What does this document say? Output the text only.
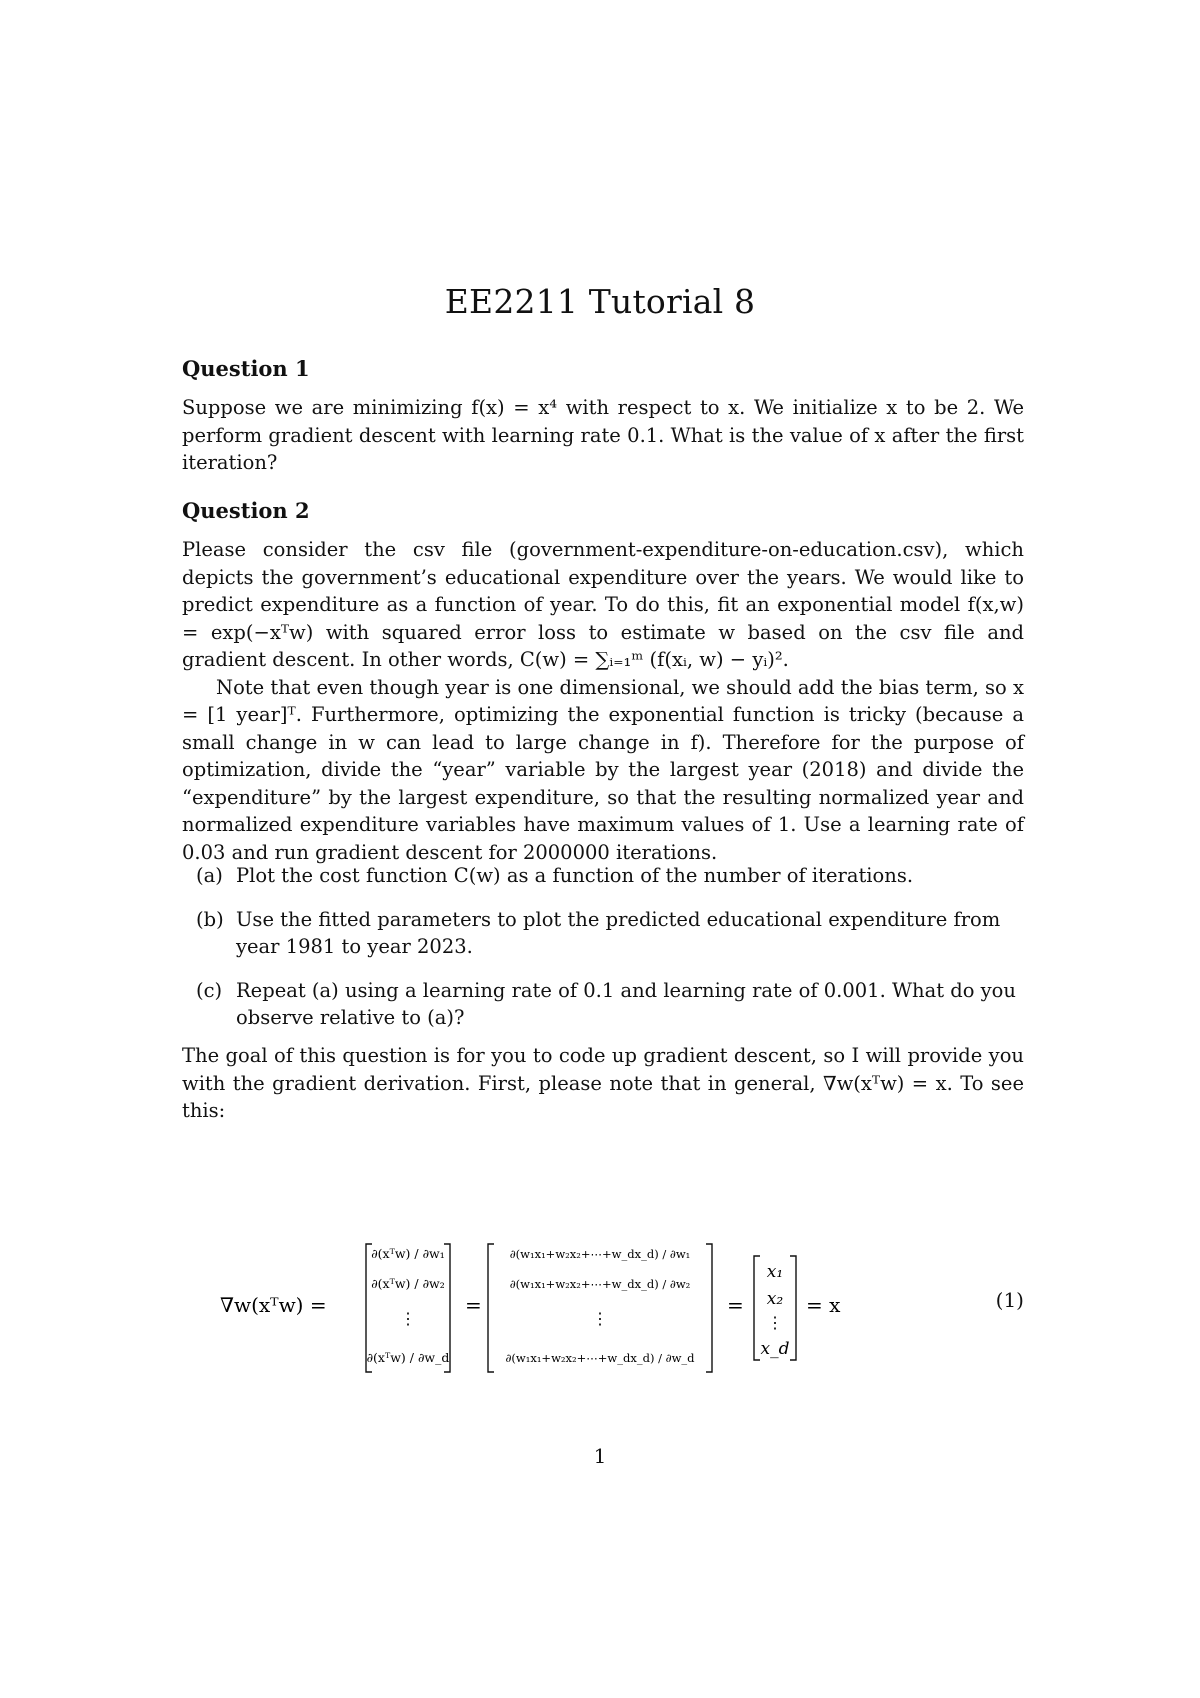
EE2211 Tutorial 8
Question 1
Suppose we are minimizing f(x) = x⁴ with respect to x. We initialize x to be 2. We perform gradient descent with learning rate 0.1. What is the value of x after the first iteration?
Question 2

Please consider the csv file (government-expenditure-on-education.csv), which depicts the government’s educational expenditure over the years. We would like to predict expenditure as a function of year. To do this, fit an exponential model f(x,w) = exp(−xᵀw) with squared error loss to estimate w based on the csv file and gradient descent. In other words, C(w) = ∑ᵢ₌₁ᵐ (f(xᵢ, w) − yᵢ)².

Note that even though year is one dimensional, we should add the bias term, so x = [1 year]ᵀ. Furthermore, optimizing the exponential function is tricky (because a small change in w can lead to large change in f). Therefore for the purpose of optimization, divide the “year” variable by the largest year (2018) and divide the “expenditure” by the largest expenditure, so that the resulting normalized year and normalized expenditure variables have maximum values of 1. Use a learning rate of 0.03 and run gradient descent for 2000000 iterations.

(a) Plot the cost function C(w) as a function of the number of iterations.
(b) Use the fitted parameters to plot the predicted educational expenditure from year 1981 to year 2023.
(c) Repeat (a) using a learning rate of 0.1 and learning rate of 0.001. What do you observe relative to (a)?
The goal of this question is for you to code up gradient descent, so I will provide you with the gradient derivation. First, please note that in general, ∇w(xᵀw) = x. To see this:
∇w(xᵀw) =
∂(xᵀw) / ∂w₁
∂(xᵀw) / ∂w₂
⋮
∂(xᵀw) / ∂w_d
=
∂(w₁x₁+w₂x₂+⋯+w_dx_d) / ∂w₁
∂(w₁x₁+w₂x₂+⋯+w_dx_d) / ∂w₂
⋮
∂(w₁x₁+w₂x₂+⋯+w_dx_d) / ∂w_d
=
x₁
x₂
⋮
x_d
= x	(1)
1
